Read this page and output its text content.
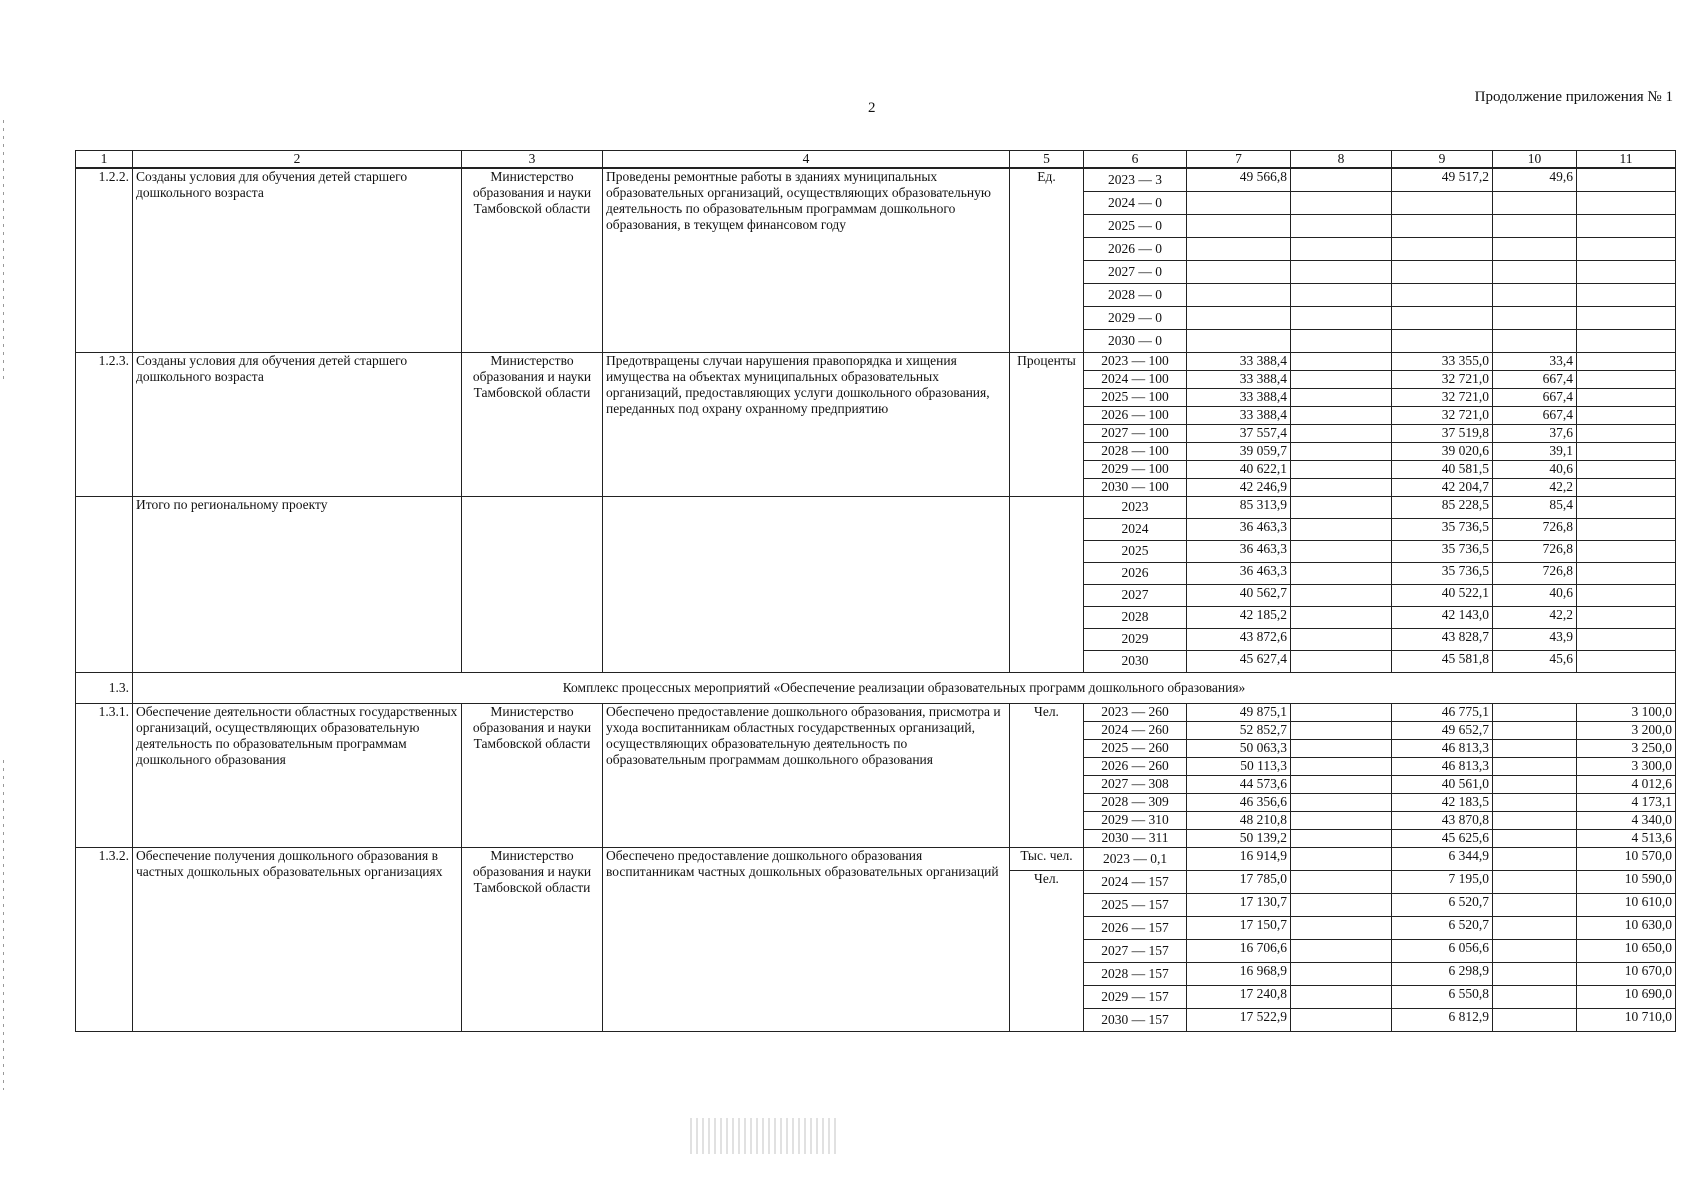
2
Продолжение приложения № 1
1	2	3	4	5	6	7	8	9	10	11
1.2.2.	Созданы условия для обучения детей старшего дошкольного возраста	Министерство образования и науки Тамбовской области	Проведены ремонтные работы в зданиях муниципальных образовательных организаций, осуществляющих образовательную деятельность по образовательным программам дошкольного образования, в текущем финансовом году	Ед.	2023 — 3	49 566,8		49 517,2	49,6	
					2024 — 0					
					2025 — 0					
					2026 — 0					
					2027 — 0					
					2028 — 0					
					2029 — 0					
					2030 — 0					
1.2.3.	Созданы условия для обучения детей старшего дошкольного возраста	Министерство образования и науки Тамбовской области	Предотвращены случаи нарушения правопорядка и хищения имущества на объектах муниципальных образовательных организаций, предоставляющих услуги дошкольного образования, переданных под охрану охранному предприятию	Проценты	2023 — 100	33 388,4		33 355,0	33,4	
					2024 — 100	33 388,4		32 721,0	667,4	
					2025 — 100	33 388,4		32 721,0	667,4	
					2026 — 100	33 388,4		32 721,0	667,4	
					2027 — 100	37 557,4		37 519,8	37,6	
					2028 — 100	39 059,7		39 020,6	39,1	
					2029 — 100	40 622,1		40 581,5	40,6	
					2030 — 100	42 246,9		42 204,7	42,2	
	Итого по региональному проекту				2023	85 313,9		85 228,5	85,4	
					2024	36 463,3		35 736,5	726,8	
					2025	36 463,3		35 736,5	726,8	
					2026	36 463,3		35 736,5	726,8	
					2027	40 562,7		40 522,1	40,6	
					2028	42 185,2		42 143,0	42,2	
					2029	43 872,6		43 828,7	43,9	
					2030	45 627,4		45 581,8	45,6	
1.3.	Комплекс процессных мероприятий «Обеспечение реализации образовательных программ дошкольного образования»									
1.3.1.	Обеспечение деятельности областных государственных организаций, осуществляющих образовательную деятельность по образовательным программам дошкольного образования	Министерство образования и науки Тамбовской области	Обеспечено предоставление дошкольного образования, присмотра и ухода воспитанникам областных государственных организаций, осуществляющих образовательную деятельность по образовательным программам дошкольного образования	Чел.	2023 — 260	49 875,1		46 775,1		3 100,0
					2024 — 260	52 852,7		49 652,7		3 200,0
					2025 — 260	50 063,3		46 813,3		3 250,0
					2026 — 260	50 113,3		46 813,3		3 300,0
					2027 — 308	44 573,6		40 561,0		4 012,6
					2028 — 309	46 356,6		42 183,5		4 173,1
					2029 — 310	48 210,8		43 870,8		4 340,0
					2030 — 311	50 139,2		45 625,6		4 513,6
1.3.2.	Обеспечение получения дошкольного образования в частных дошкольных образовательных организациях	Министерство образования и науки Тамбовской области	Обеспечено предоставление дошкольного образования воспитанникам частных дошкольных образовательных организаций	Тыс. чел.	2023 — 0,1	16 914,9		6 344,9		10 570,0
				Чел.	2024 — 157	17 785,0		7 195,0		10 590,0
					2025 — 157	17 130,7		6 520,7		10 610,0
					2026 — 157	17 150,7		6 520,7		10 630,0
					2027 — 157	16 706,6		6 056,6		10 650,0
					2028 — 157	16 968,9		6 298,9		10 670,0
					2029 — 157	17 240,8		6 550,8		10 690,0
					2030 — 157	17 522,9		6 812,9		10 710,0
